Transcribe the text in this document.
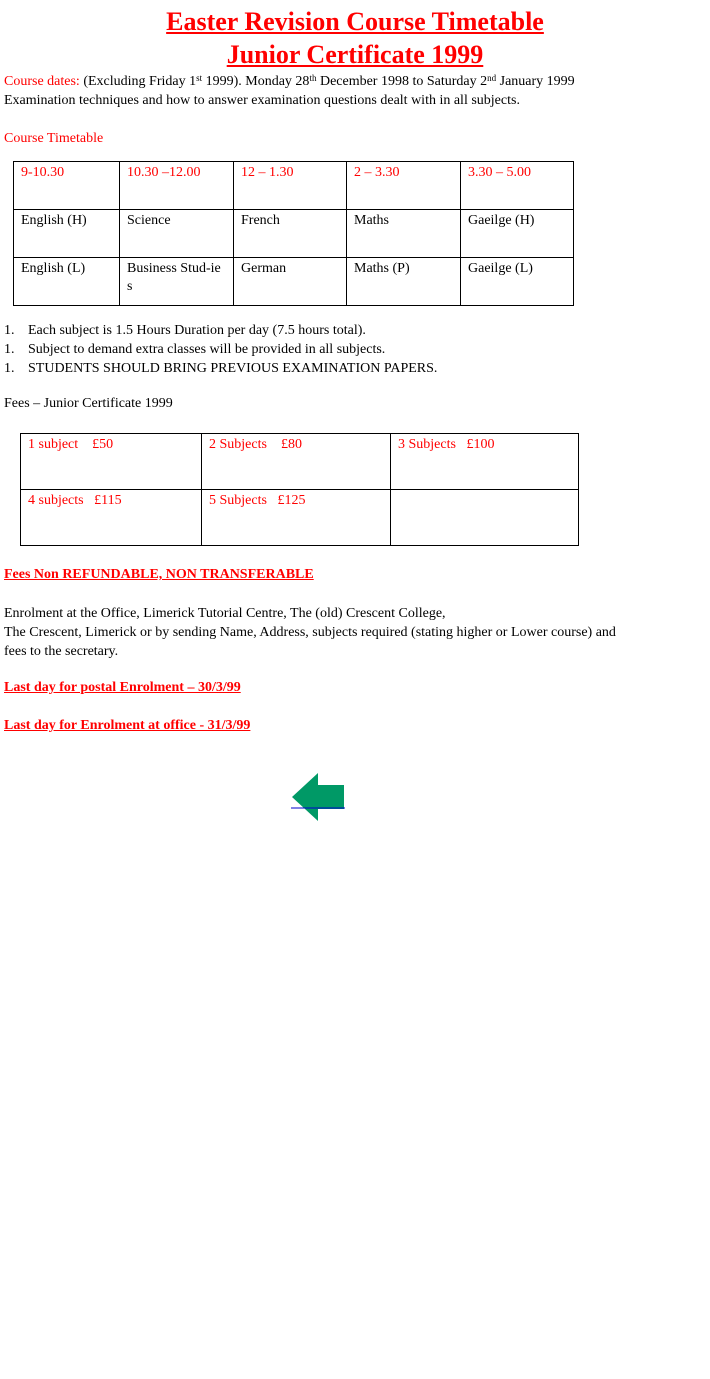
Easter Revision Course Timetable
Junior Certificate 1999
Course dates: (Excluding Friday 1st 1999). Monday 28th December 1998 to Saturday 2nd January 1999
Examination techniques and how to answer examination questions dealt with in all subjects.
Course Timetable
9-10.30	10.30 –12.00	12 – 1.30	2 – 3.30	3.30 – 5.00
English (H)	Science	French	Maths	Gaeilge (H)
English (L)	Business Stud-ies	German	Maths (P)	Gaeilge (L)
1. Each subject is 1.5 Hours Duration per day (7.5 hours total).
1. Subject to demand extra classes will be provided in all subjects.
1. STUDENTS SHOULD BRING PREVIOUS EXAMINATION PAPERS.
Fees – Junior Certificate 1999
1 subject    £50	2 Subjects    £80	3 Subjects   £100
4 subjects   £115	5 Subjects   £125	
Fees Non REFUNDABLE, NON TRANSFERABLE
Enrolment at the Office, Limerick Tutorial Centre, The (old) Crescent College,
The Crescent, Limerick or by sending Name, Address, subjects required (stating higher or Lower course) and
fees to the secretary.
Last day for postal Enrolment – 30/3/99
Last day for Enrolment at office - 31/3/99
